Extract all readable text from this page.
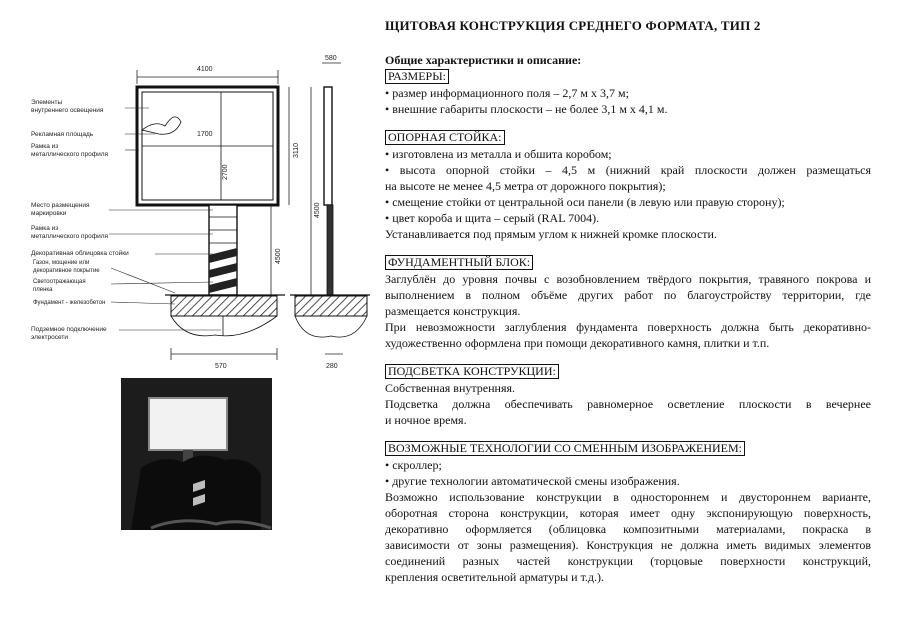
4100
1700
2700
3110
4500
570
580
4500
280
Элементы
внутреннего освещения
Рекламная площадь
Рамка из
металлического профиля
Место размещения
маркировки
Рамка из
металлического профиля
Декоративная облицовка стойки
Газон, мощение или
декоративное покрытие
Светоотражающая
пленка
Фундамент - железобетон
Подземное подключение
электросети
ЩИТОВАЯ КОНСТРУКЦИЯ СРЕДНЕГО ФОРМАТА, ТИП 2

Общие характеристики и описание:

РАЗМЕРЫ:

• размер информационного поля – 2,7 м х 3,7 м;

• внешние габариты плоскости – не более 3,1 м х 4,1 м.

ОПОРНАЯ СТОЙКА:

• изготовлена из металла и обшита коробом;

• высота опорной стойки – 4,5 м (нижний край плоскости должен размещаться

на высоте не менее 4,5 метра от дорожного покрытия);

• смещение стойки от центральной оси панели (в левую или правую сторону);

• цвет короба и щита – серый (RAL 7004).

Устанавливается под прямым углом к нижней кромке плоскости.

ФУНДАМЕНТНЫЙ БЛОК:

Заглублён до уровня почвы с возобновлением твёрдого покрытия, травяного покрова и

выполнением в полном объёме других работ по благоустройству территории, где

размещается конструкция.

При невозможности заглубления фундамента поверхность должна быть декоративно-

художественно оформлена при помощи декоративного камня, плитки и т.п.

ПОДСВЕТКА КОНСТРУКЦИИ:

Собственная внутренняя.

Подсветка должна обеспечивать равномерное осветление плоскости в вечернее

и ночное время.

ВОЗМОЖНЫЕ ТЕХНОЛОГИИ СО СМЕННЫМ ИЗОБРАЖЕНИЕМ:

• скроллер;

• другие технологии автоматической смены изображения.

Возможно использование конструкции в одностороннем и двустороннем варианте,

оборотная сторона конструкции, которая имеет одну экспонирующую поверхность,

декоративно оформляется (облицовка композитными материалами, покраска в

зависимости от зоны размещения). Конструкция не должна иметь видимых элементов

соединений разных частей конструкции (торцовые поверхности конструкций,

крепления осветительной арматуры и т.д.).
